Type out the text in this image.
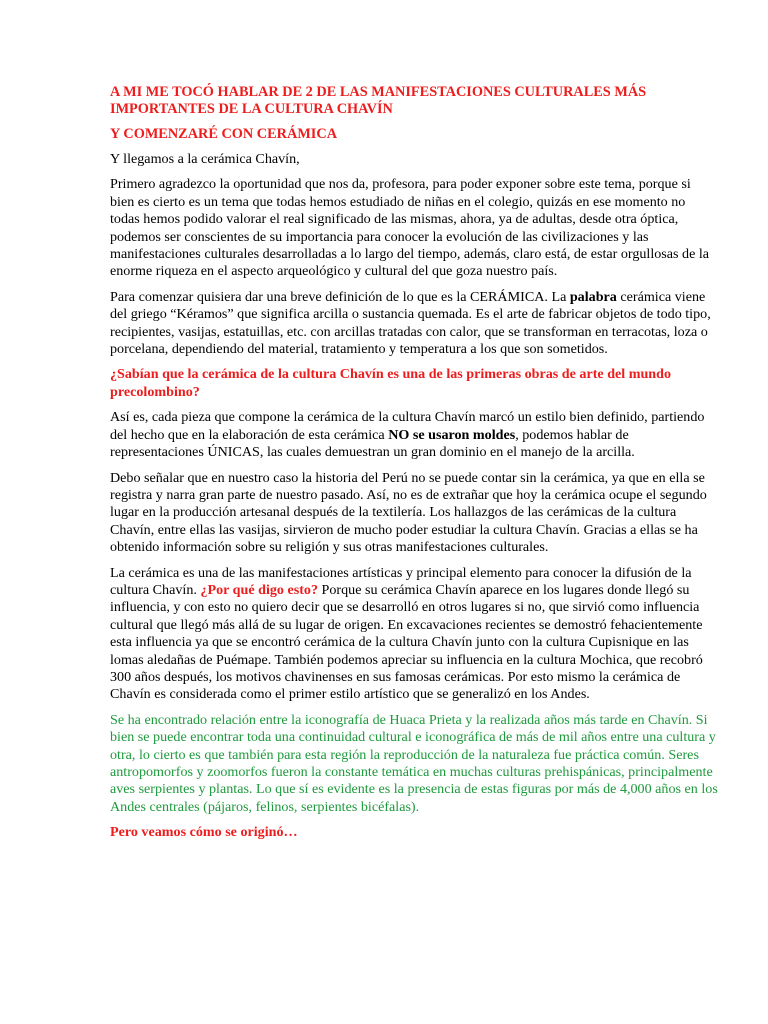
A MI ME TOCÓ HABLAR DE 2 DE LAS MANIFESTACIONES CULTURALES MÁS IMPORTANTES DE LA CULTURA CHAVÍN
Y COMENZARÉ CON CERÁMICA

Y llegamos a la cerámica Chavín,

Primero agradezco la oportunidad que nos da, profesora, para poder exponer sobre este tema, porque si bien es cierto es un tema que todas hemos estudiado de niñas en el colegio, quizás en ese momento no todas hemos podido valorar el real significado de las mismas, ahora, ya de adultas, desde otra óptica, podemos ser conscientes de su importancia para conocer la evolución de las civilizaciones y las manifestaciones culturales desarrolladas a lo largo del tiempo, además, claro está, de estar orgullosas de la enorme riqueza en el aspecto arqueológico y cultural del que goza nuestro país.

Para comenzar quisiera dar una breve definición de lo que es la CERÁMICA. La palabra cerámica viene del griego “Kéramos” que significa arcilla o sustancia quemada. Es el arte de fabricar objetos de todo tipo, recipientes, vasijas, estatuillas, etc. con arcillas tratadas con calor, que se transforman en terracotas, loza o porcelana, dependiendo del material, tratamiento y temperatura a los que son sometidos.

¿Sabían que la cerámica de la cultura Chavín es una de las primeras obras de arte del mundo precolombino?

Así es, cada pieza que compone la cerámica de la cultura Chavín marcó un estilo bien definido, partiendo del hecho que en la elaboración de esta cerámica NO se usaron moldes, podemos hablar de representaciones ÚNICAS, las cuales demuestran un gran dominio en el manejo de la arcilla.

Debo señalar que en nuestro caso la historia del Perú no se puede contar sin la cerámica, ya que en ella se registra y narra gran parte de nuestro pasado. Así, no es de extrañar que hoy la cerámica ocupe el segundo lugar en la producción artesanal después de la textilería. Los hallazgos de las cerámicas de la cultura Chavín, entre ellas las vasijas, sirvieron de mucho poder estudiar la cultura Chavín. Gracias a ellas se ha obtenido información sobre su religión y sus otras manifestaciones culturales.

La cerámica es una de las manifestaciones artísticas y principal elemento para conocer la difusión de la cultura Chavín. ¿Por qué digo esto? Porque su cerámica Chavín aparece en los lugares donde llegó su influencia, y con esto no quiero decir que se desarrolló en otros lugares si no, que sirvió como influencia cultural que llegó más allá de su lugar de origen. En excavaciones recientes se demostró fehacientemente esta influencia ya que se encontró cerámica de la cultura Chavín junto con la cultura Cupisnique en las lomas aledañas de Puémape. También podemos apreciar su influencia en la cultura Mochica, que recobró 300 años después, los motivos chavinenses en sus famosas cerámicas. Por esto mismo la cerámica de Chavín es considerada como el primer estilo artístico que se generalizó en los Andes.

Se ha encontrado relación entre la iconografía de Huaca Prieta y la realizada años más tarde en Chavín. Si bien se puede encontrar toda una continuidad cultural e iconográfica de más de mil años entre una cultura y otra, lo cierto es que también para esta región la reproducción de la naturaleza fue práctica común. Seres antropomorfos y zoomorfos fueron la constante temática en muchas culturas prehispánicas, principalmente aves serpientes y plantas. Lo que sí es evidente es la presencia de estas figuras por más de 4,000 años en los Andes centrales (pájaros, felinos, serpientes bicéfalas).

Pero veamos cómo se originó…
